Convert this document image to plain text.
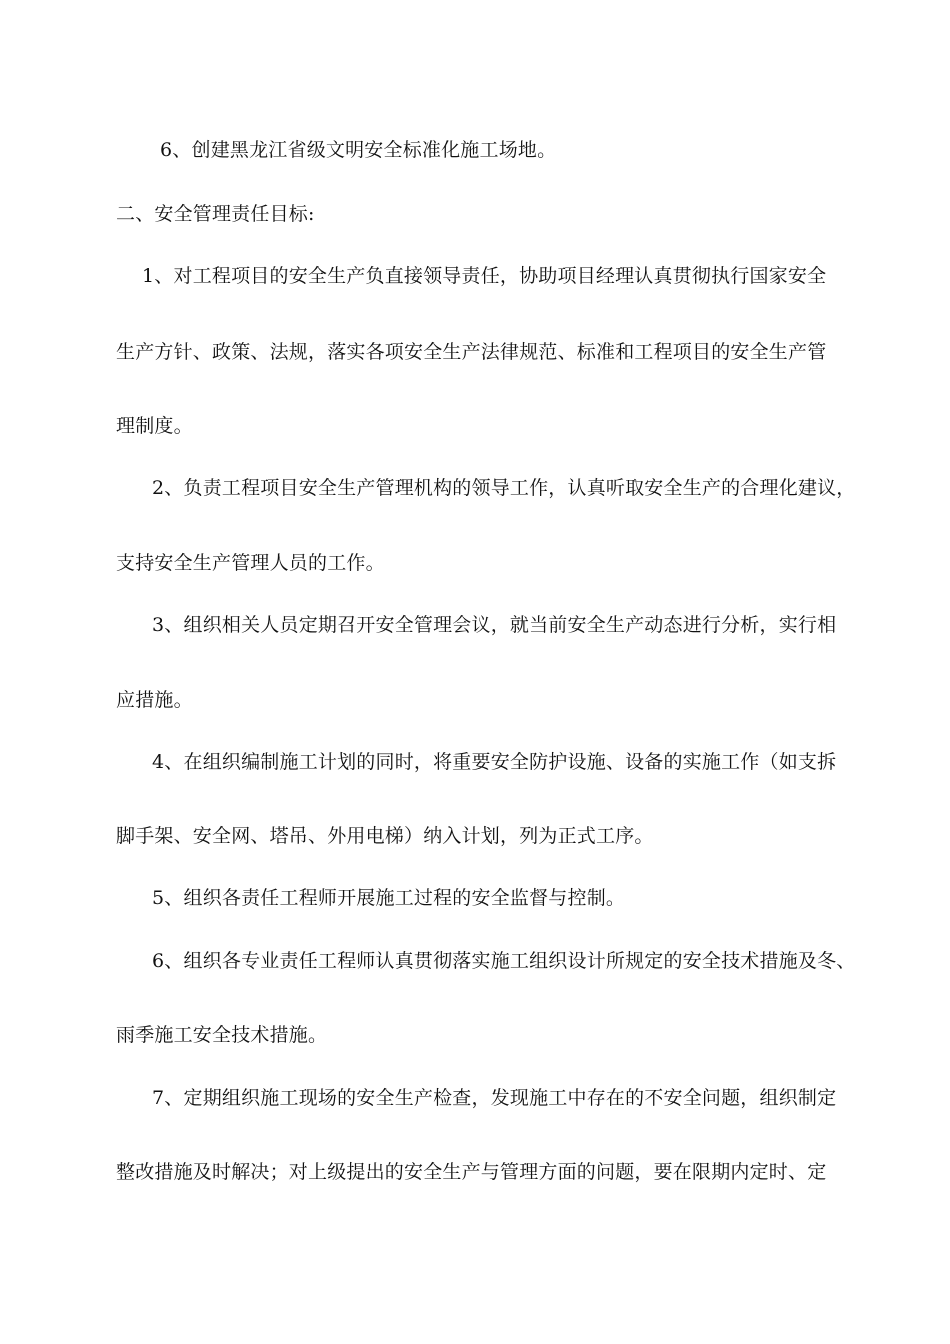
6、创建黑龙江省级文明安全标准化施工场地。
二、安全管理责任目标:
1、对工程项目的安全生产负直接领导责任，协助项目经理认真贯彻执行国家安全
生产方针、政策、法规，落实各项安全生产法律规范、标准和工程项目的安全生产管
理制度。
2、负责工程项目安全生产管理机构的领导工作，认真听取安全生产的合理化建议，
支持安全生产管理人员的工作。
3、组织相关人员定期召开安全管理会议，就当前安全生产动态进行分析，实行相
应措施。
4、在组织编制施工计划的同时，将重要安全防护设施、设备的实施工作（如支拆
脚手架、安全网、塔吊、外用电梯）纳入计划，列为正式工序。
5、组织各责任工程师开展施工过程的安全监督与控制。
6、组织各专业责任工程师认真贯彻落实施工组织设计所规定的安全技术措施及冬、
雨季施工安全技术措施。
7、定期组织施工现场的安全生产检查，发现施工中存在的不安全问题，组织制定
整改措施及时解决；对上级提出的安全生产与管理方面的问题，要在限期内定时、定
